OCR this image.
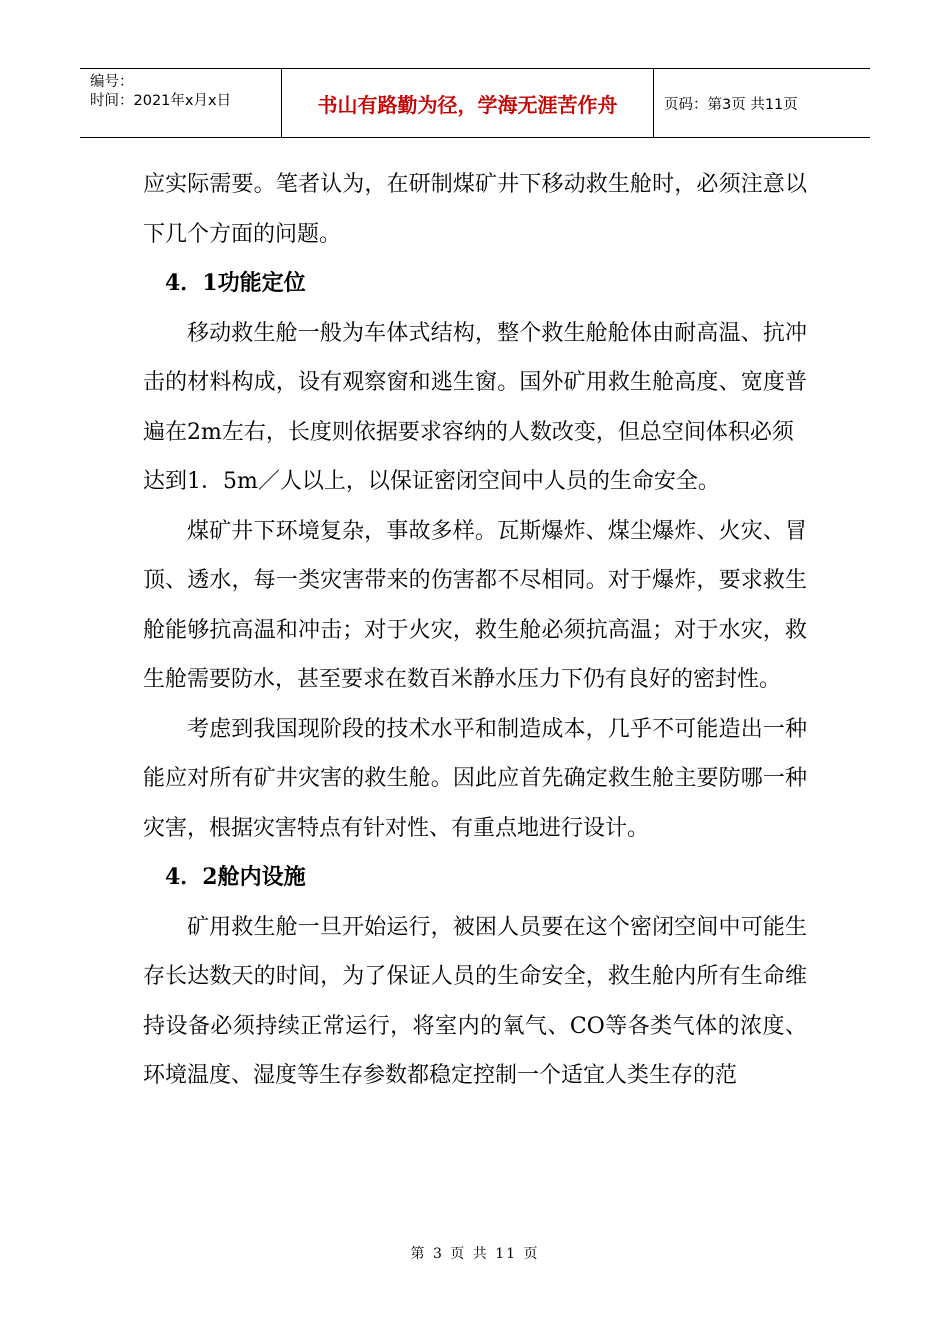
编号：
时间：2021年x月x日	书山有路勤为径，学海无涯苦作舟	页码：第3页 共11页

应实际需要。笔者认为，在研制煤矿井下移动救生舱时，必须注意以下几个方面的问题。

4．1功能定位

移动救生舱一般为车体式结构，整个救生舱舱体由耐高温、抗冲击的材料构成，设有观察窗和逃生窗。国外矿用救生舱高度、宽度普遍在2m左右，长度则依据要求容纳的人数改变，但总空间体积必须

达到1．5m／人以上，以保证密闭空间中人员的生命安全。

煤矿井下环境复杂，事故多样。瓦斯爆炸、煤尘爆炸、火灾、冒顶、透水，每一类灾害带来的伤害都不尽相同。对于爆炸，要求救生舱能够抗高温和冲击；对于火灾，救生舱必须抗高温；对于水灾，救生舱需要防水，甚至要求在数百米静水压力下仍有良好的密封性。

考虑到我国现阶段的技术水平和制造成本，几乎不可能造出一种能应对所有矿井灾害的救生舱。因此应首先确定救生舱主要防哪一种灾害，根据灾害特点有针对性、有重点地进行设计。

4．2舱内设施

矿用救生舱一旦开始运行，被困人员要在这个密闭空间中可能生存长达数天的时间，为了保证人员的生命安全，救生舱内所有生命维持设备必须持续正常运行，将室内的氧气、CO等各类气体的浓度、环境温度、湿度等生存参数都稳定控制一个适宜人类生存的范

第 3 页 共 11 页
